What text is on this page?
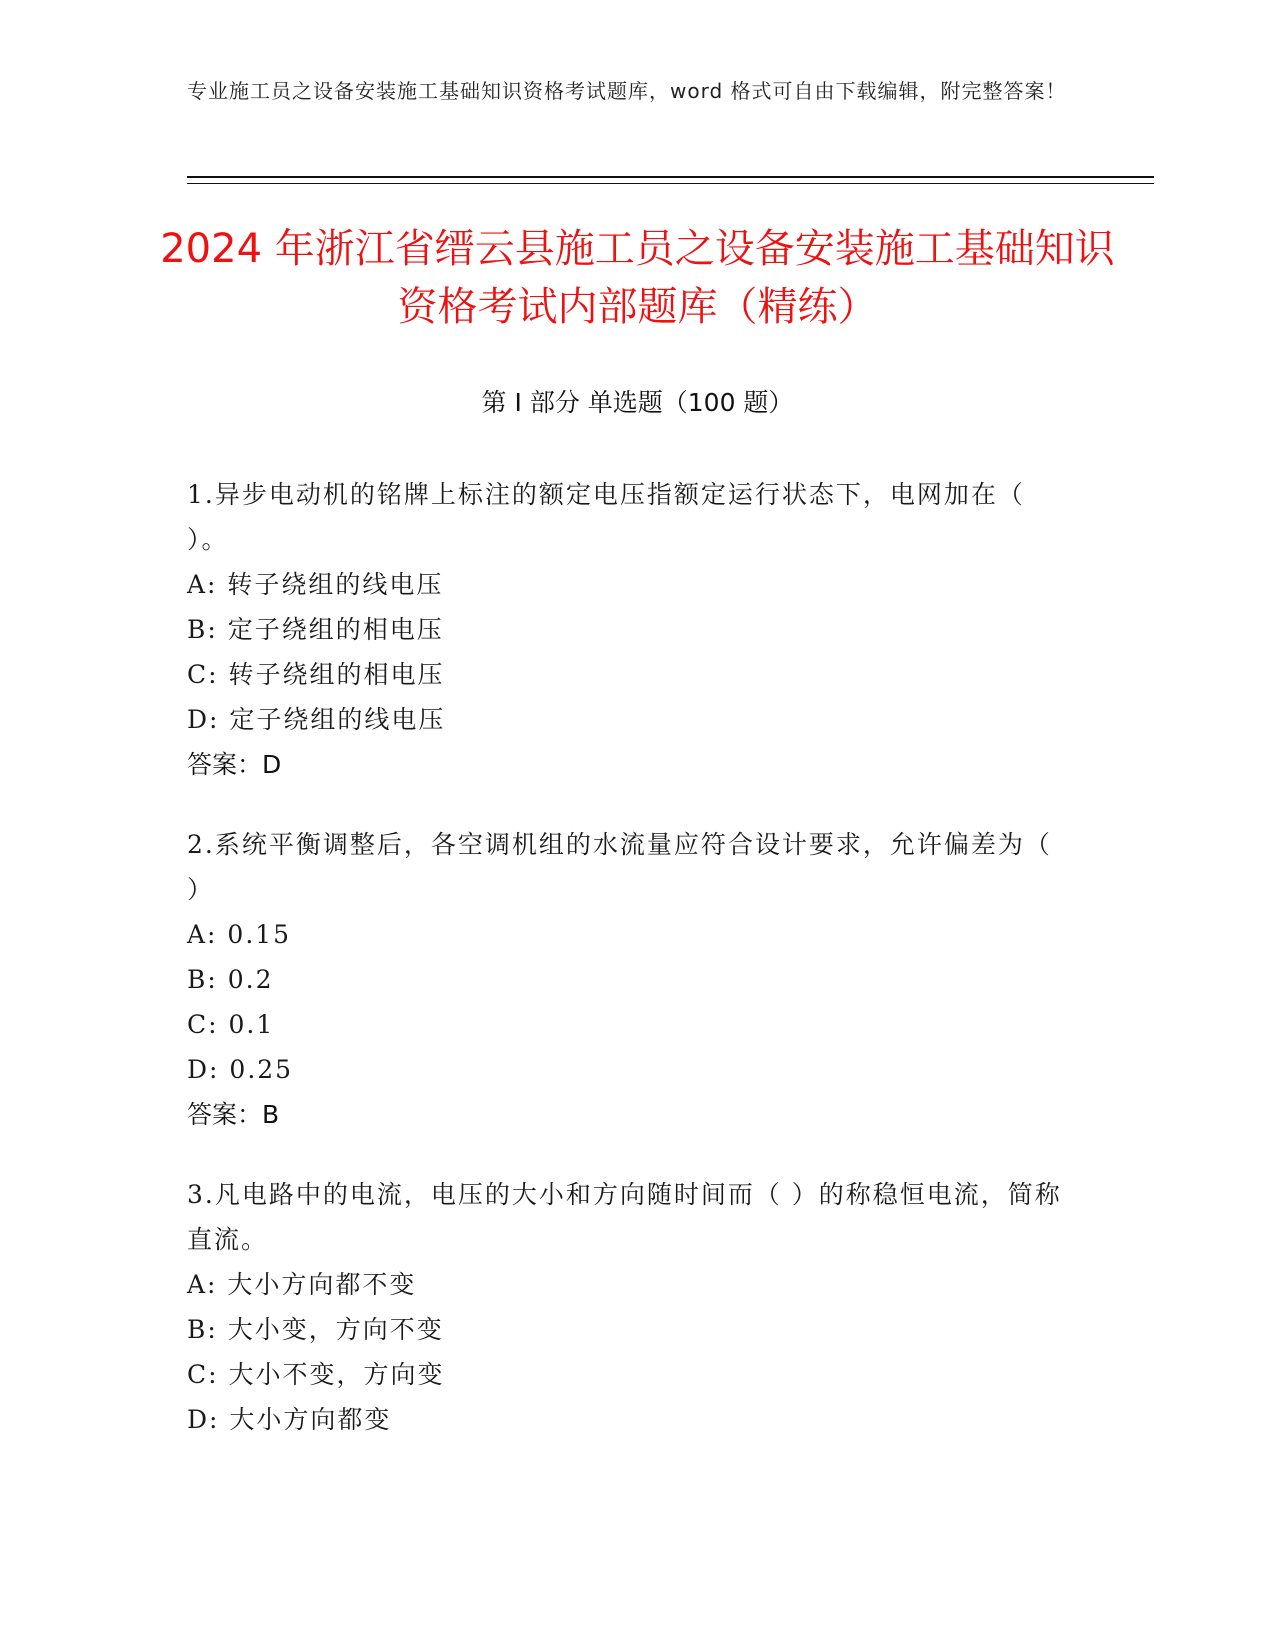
专业施工员之设备安装施工基础知识资格考试题库，word 格式可自由下载编辑，附完整答案！
2024 年浙江省缙云县施工员之设备安装施工基础知识资格考试内部题库（精练）
第 I 部分 单选题（100 题）
1.异步电动机的铭牌上标注的额定电压指额定运行状态下，电网加在（ ）。
A: 转子绕组的线电压
B: 定子绕组的相电压
C: 转子绕组的相电压
D: 定子绕组的线电压
答案：D
2.系统平衡调整后，各空调机组的水流量应符合设计要求，允许偏差为（ ）
A: 0.15
B: 0.2
C: 0.1
D: 0.25
答案：B
3.凡电路中的电流，电压的大小和方向随时间而（ ）的称稳恒电流，简称直流。
A: 大小方向都不变
B: 大小变，方向不变
C: 大小不变，方向变
D: 大小方向都变
